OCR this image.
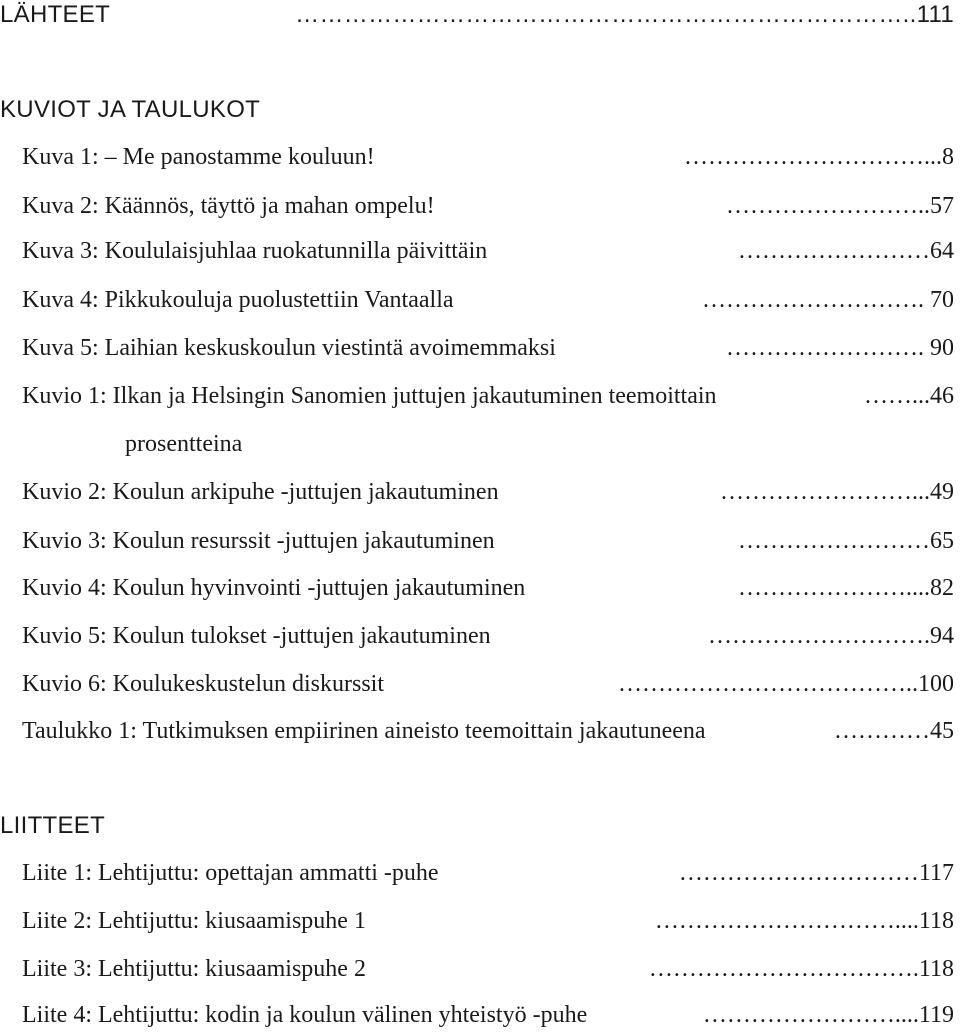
LÄHTEET	…………………………………………………………………. .111
KUVIOT JA TAULUKOT
Kuva 1: – Me panostamme kouluun!	………………………….. .8
Kuva 2: Käännös, täyttö ja mahan ompelu!	…………………… ..57
Kuva 3: Koululaisjuhlaa ruokatunnilla päivittäin	…………………… 64
Kuva 4: Pikkukouluja puolustettiin Vantaalla	……………………… . 70
Kuva 5: Laihian keskuskoulun viestintä avoimemmaksi	…………………… . 90
Kuvio 1: Ilkan ja Helsingin Sanomien juttujen jakautuminen teemoittain	……. ..46
prosentteina
Kuvio 2: Koulun arkipuhe -juttujen jakautuminen	……………………... 49
Kuvio 3: Koulun resurssit -juttujen jakautuminen	…………………… 65
Kuvio 4: Koulun hyvinvointi -juttujen jakautuminen	…………………. ...82
Kuvio 5: Koulun tulokset -juttujen jakautuminen	……………………… .94
Kuvio 6: Koulukeskustelun diskurssit	………………………………. .100
Taulukko 1: Tutkimuksen empiirinen aineisto teemoittain jakautuneena	………… 45
LIITTEET
Liite 1: Lehtijuttu: opettajan ammatti -puhe	………………………… 117
Liite 2: Lehtijuttu: kiusaamispuhe 1	…………………………. ...118
Liite 3: Lehtijuttu: kiusaamispuhe 2	……………………………. 118
Liite 4: Lehtijuttu: kodin ja koulun välinen yhteistyö -puhe	……………………. ...119
